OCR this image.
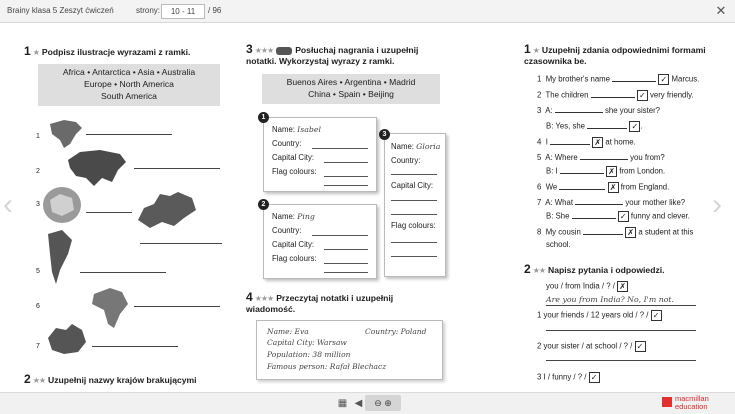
Brainy klasa 5 Zeszyt ćwiczeń	strony:	10 - 11	/ 96	✕
‹	›
1 ★ Podpisz ilustracje wyrazami z ramki.
Africa • Antarctica • Asia • Australia
Europe • North America
South America
1
2
3
5
6
7
2 ★★ Uzupełnij nazwy krajów brakującymi
3 ★★★	Posłuchaj nagrania i uzupełnij
notatki. Wykorzystaj wyrazy z ramki.
Buenos Aires • Argentina • Madrid
China • Spain • Beijing
Name: Isabel
Country:
Capital City:
Flag colours:
1
Name: Ping
Country:
Capital City:
Flag colours:
2
Name: Gloria
Country:
Capital City:
Flag colours:
3
4 ★★★ Przeczytaj notatki i uzupełnij
wiadomość.
Name: Eva	Country: Poland
Capital City: Warsaw
Population: 38 million
Famous person: Rafał Blechacz
1 ★ Uzupełnij zdania odpowiednimi formami
czasownika be.
1 My brother's name	✓ Marcus.
2 The children	✓ very friendly.
3 A:	she your sister?
B: Yes, she	✓ .
4 I	✗ at home.
5 A: Where	you from?
B: I	✗ from London.
6 We	✗ from England.
7 A: What	your mother like?
B: She	✓ funny and clever.
8 My cousin	✗ a student at this
school.
2 ★★ Napisz pytania i odpowiedzi.
you / from India / ? / ✗
Are you from India? No, I'm not.
1 your friends / 12 years old / ? / ✓
2 your sister / at school / ? / ✓
3 I / funny / ? / ✓
▦ ◀	⊖ ⊕	macmillan
education
